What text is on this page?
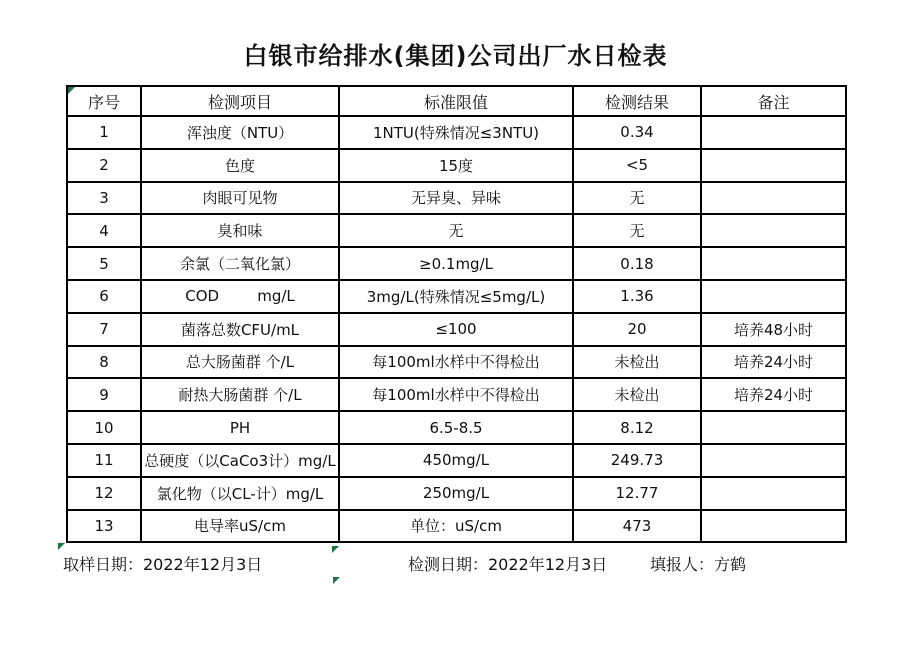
白银市给排水(集团)公司出厂水日检表
序号	检测项目	标准限值	检测结果	备注
1	浑浊度（NTU）	1NTU(特殊情况≤3NTU)	0.34	
2	色度	15度	<5	
3	肉眼可见物	无异臭、异味	无	
4	臭和味	无	无	
5	余氯（二氧化氯）	≥0.1mg/L	0.18	
6	COD        mg/L	3mg/L(特殊情况≤5mg/L)	1.36	
7	菌落总数CFU/mL	≤100	20	培养48小时
8	总大肠菌群 个/L	每100ml水样中不得检出	未检出	培养24小时
9	耐热大肠菌群 个/L	每100ml水样中不得检出	未检出	培养24小时
10	PH	6.5-8.5	8.12	
11	总硬度（以CaCo3计）mg/L	450mg/L	249.73	
12	氯化物（以CL-计）mg/L	250mg/L	12.77	
13	电导率uS/cm	单位：uS/cm	473	
取样日期：2022年12月3日	检测日期：2022年12月3日	填报人：方鹤
